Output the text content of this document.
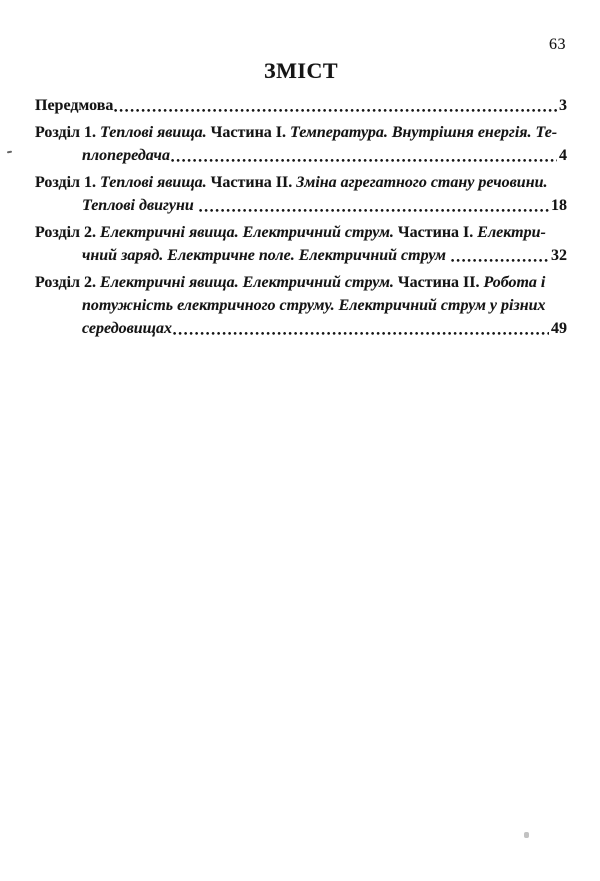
63
ЗМІСТ
Передмова	3
Розділ 1. Теплові явища. Частина I. Температура. Внутрішня енергія. Те-
плопередача	4
Розділ 1. Теплові явища. Частина II. Зміна агрегатного стану речовини.
Теплові двигуни	18
Розділ 2. Електричні явища. Електричний струм. Частина I. Електри-
чний заряд. Електричне поле. Електричний струм	32
Розділ 2. Електричні явища. Електричний струм. Частина II. Робота і
потужність електричного струму. Електричний струм у різних
середовищах	49
